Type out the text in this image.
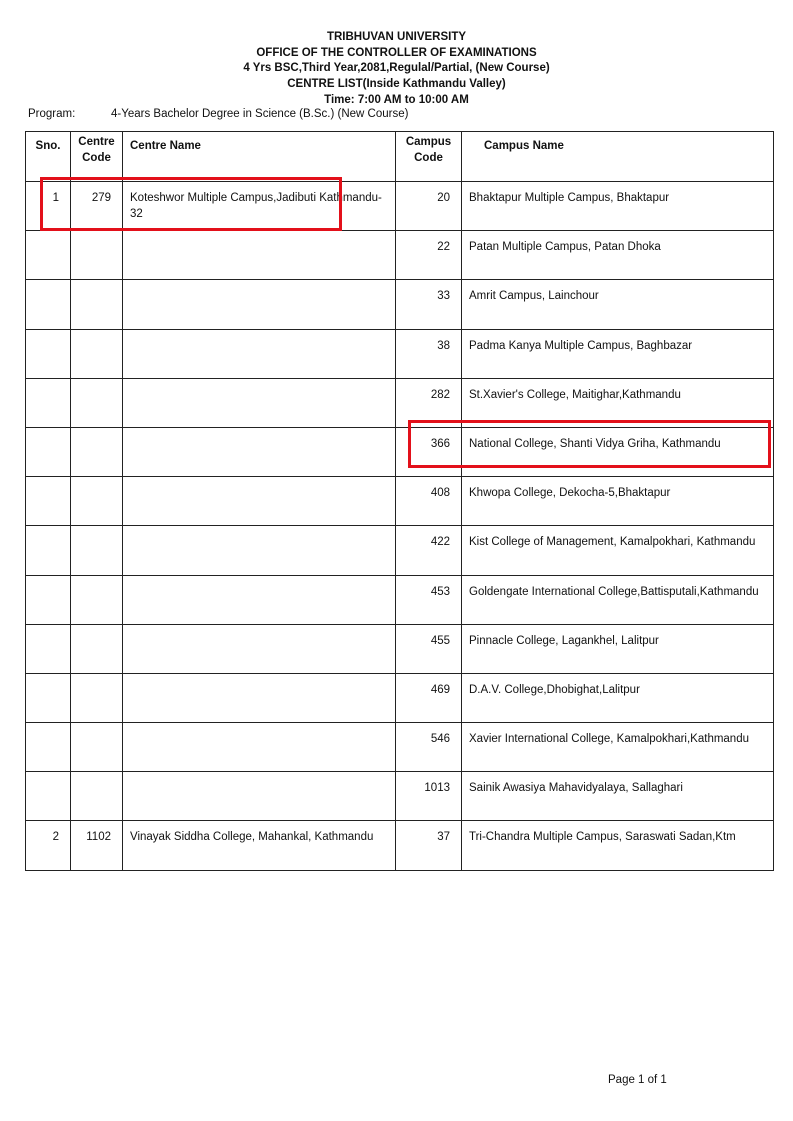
TRIBHUVAN UNIVERSITY
OFFICE OF THE CONTROLLER OF EXAMINATIONS
4 Yrs BSC,Third Year,2081,Regulal/Partial, (New Course)
CENTRE LIST(Inside Kathmandu Valley)
Time: 7:00 AM to 10:00 AM
Program:	4-Years Bachelor Degree in Science (B.Sc.) (New Course)
Sno.	Centre Code	Centre Name	Campus Code	Campus Name
1	279	Koteshwor Multiple Campus,Jadibuti Kathmandu-32	20	Bhaktapur Multiple Campus, Bhaktapur
			22	Patan Multiple Campus, Patan Dhoka
			33	Amrit Campus, Lainchour
			38	Padma Kanya Multiple Campus, Baghbazar
			282	St.Xavier's College, Maitighar,Kathmandu
			366	National College, Shanti Vidya Griha, Kathmandu
			408	Khwopa College, Dekocha-5,Bhaktapur
			422	Kist College of Management, Kamalpokhari, Kathmandu
			453	Goldengate International College,Battisputali,Kathmandu
			455	Pinnacle College, Lagankhel, Lalitpur
			469	D.A.V. College,Dhobighat,Lalitpur
			546	Xavier International College, Kamalpokhari,Kathmandu
			1013	Sainik Awasiya Mahavidyalaya, Sallaghari
2	1102	Vinayak Siddha College, Mahankal, Kathmandu	37	Tri-Chandra Multiple Campus, Saraswati Sadan,Ktm
Page 1 of 1
